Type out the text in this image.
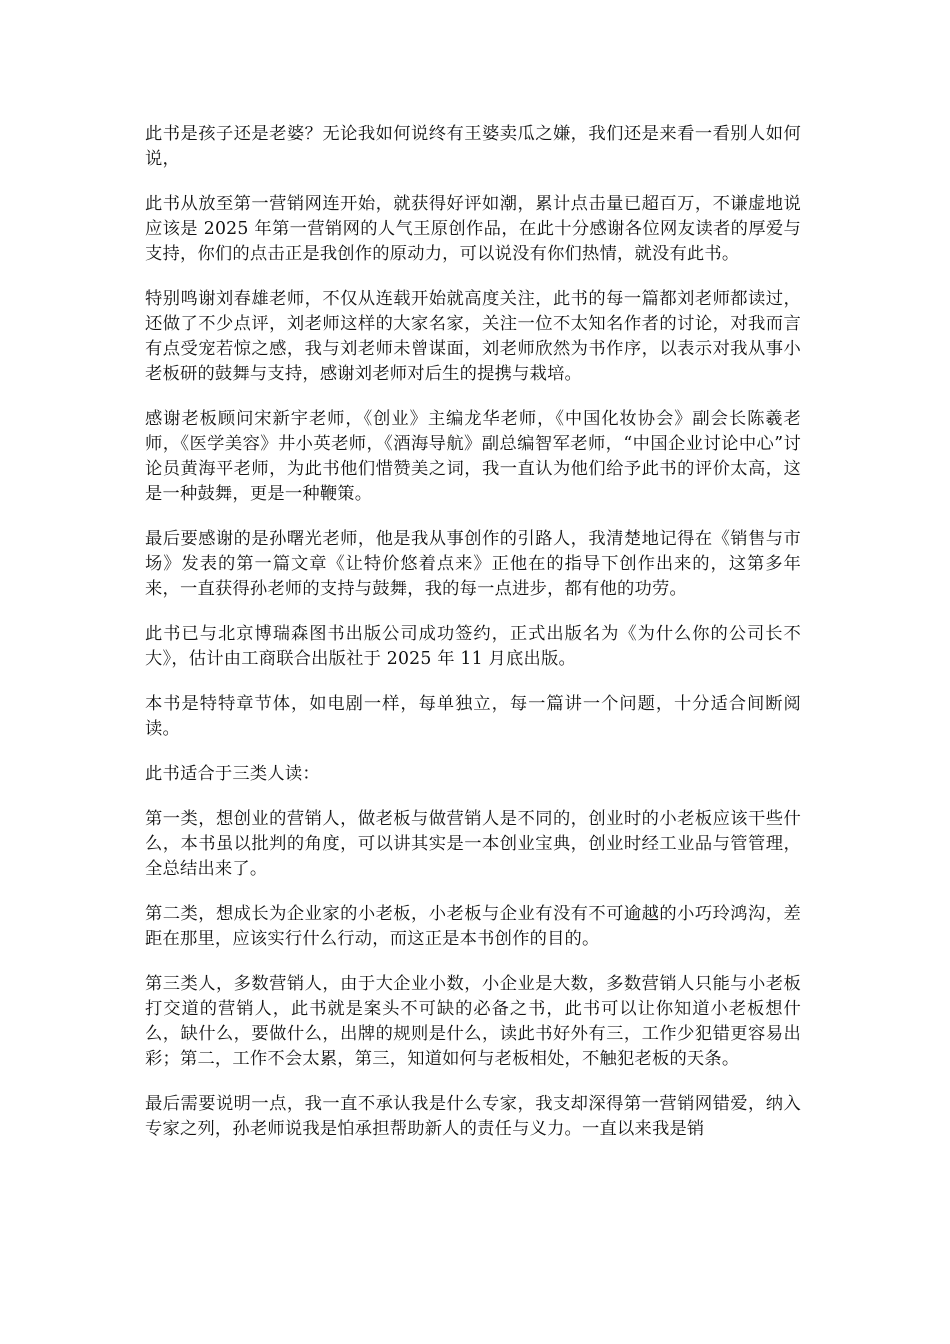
此书是孩子还是老婆？无论我如何说终有王婆卖瓜之嫌，我们还是来看一看别人如何说，

此书从放至第一营销网连开始，就获得好评如潮，累计点击量已超百万，不谦虚地说应该是 2025 年第一营销网的人气王原创作品，在此十分感谢各位网友读者的厚爱与支持，你们的点击正是我创作的原动力，可以说没有你们热情，就没有此书。

特别鸣谢刘春雄老师，不仅从连载开始就高度关注，此书的每一篇都刘老师都读过，还做了不少点评，刘老师这样的大家名家，关注一位不太知名作者的讨论，对我而言有点受宠若惊之感，我与刘老师未曾谋面，刘老师欣然为书作序，以表示对我从事小老板研的鼓舞与支持，感谢刘老师对后生的提携与栽培。

感谢老板顾问宋新宇老师，《创业》主编龙华老师，《中国化妆协会》副会长陈羲老师，《医学美容》井小英老师，《酒海导航》副总编智军老师，“中国企业讨论中心”讨论员黄海平老师，为此书他们惜赞美之词，我一直认为他们给予此书的评价太高，这是一种鼓舞，更是一种鞭策。

最后要感谢的是孙曙光老师，他是我从事创作的引路人，我清楚地记得在《销售与市场》发表的第一篇文章《让特价悠着点来》正他在的指导下创作出来的，这第多年来，一直获得孙老师的支持与鼓舞，我的每一点进步，都有他的功劳。

此书已与北京博瑞森图书出版公司成功签约，正式出版名为《为什么你的公司长不大》，估计由工商联合出版社于 2025 年 11 月底出版。

本书是特特章节体，如电剧一样，每单独立，每一篇讲一个问题，十分适合间断阅读。

此书适合于三类人读：

第一类，想创业的营销人，做老板与做营销人是不同的，创业时的小老板应该干些什么，本书虽以批判的角度，可以讲其实是一本创业宝典，创业时经工业品与管管理，全总结出来了。

第二类，想成长为企业家的小老板，小老板与企业有没有不可逾越的小巧玲鸿沟，差距在那里，应该实行什么行动，而这正是本书创作的目的。

第三类人，多数营销人，由于大企业小数，小企业是大数，多数营销人只能与小老板打交道的营销人，此书就是案头不可缺的必备之书，此书可以让你知道小老板想什么，缺什么，要做什么，出牌的规则是什么，读此书好外有三，工作少犯错更容易出彩；第二，工作不会太累，第三，知道如何与老板相处，不触犯老板的天条。

最后需要说明一点，我一直不承认我是什么专家，我支却深得第一营销网错爱，纳入专家之列，孙老师说我是怕承担帮助新人的责任与义力。一直以来我是销
